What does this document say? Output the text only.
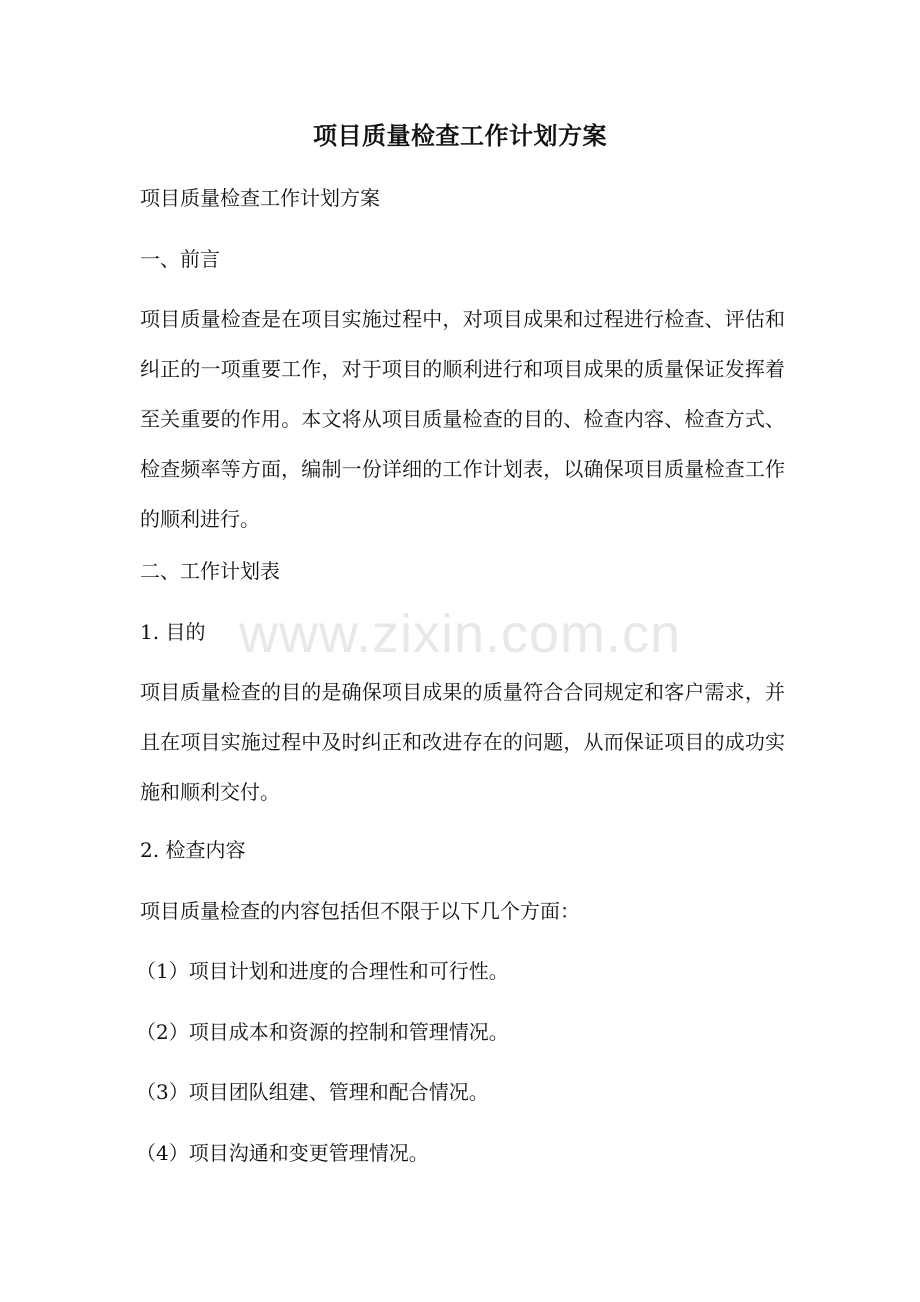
项目质量检查工作计划方案
项目质量检查工作计划方案
一、前言
项目质量检查是在项目实施过程中，对项目成果和过程进行检查、评估和纠正的一项重要工作，对于项目的顺利进行和项目成果的质量保证发挥着至关重要的作用。本文将从项目质量检查的目的、检查内容、检查方式、检查频率等方面，编制一份详细的工作计划表，以确保项目质量检查工作的顺利进行。
二、工作计划表
1. 目的
项目质量检查的目的是确保项目成果的质量符合合同规定和客户需求，并且在项目实施过程中及时纠正和改进存在的问题，从而保证项目的成功实施和顺利交付。
2. 检查内容
项目质量检查的内容包括但不限于以下几个方面：
（1）项目计划和进度的合理性和可行性。
（2）项目成本和资源的控制和管理情况。
（3）项目团队组建、管理和配合情况。
（4）项目沟通和变更管理情况。
www.zixin.com.cn
